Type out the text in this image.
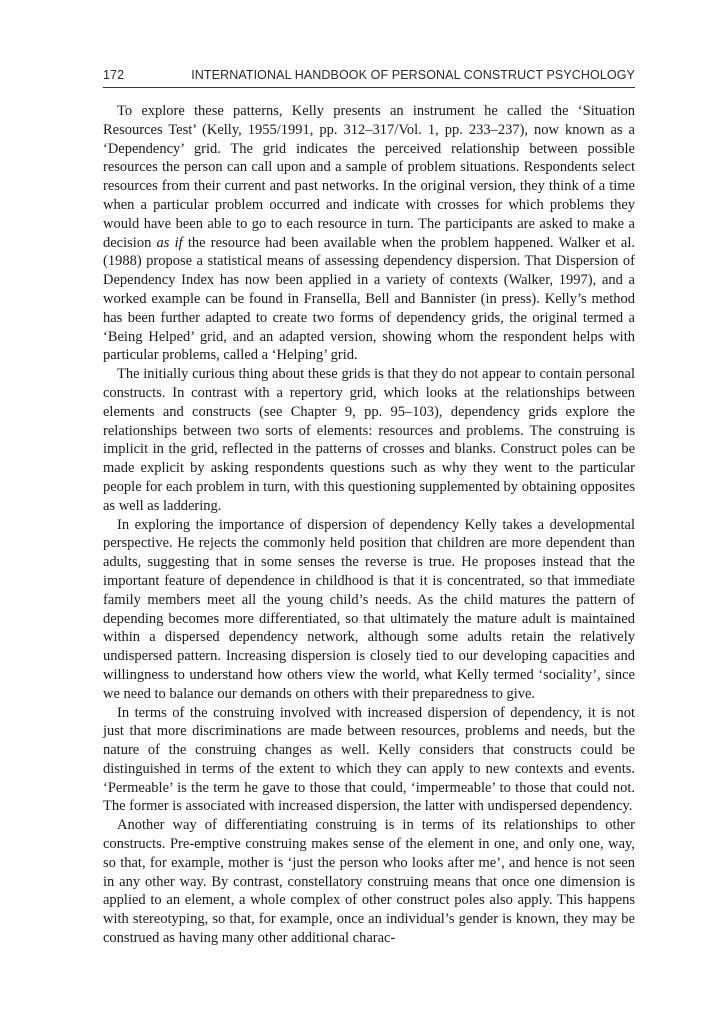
172	INTERNATIONAL HANDBOOK OF PERSONAL CONSTRUCT PSYCHOLOGY

To explore these patterns, Kelly presents an instrument he called the ‘Situation Resources Test’ (Kelly, 1955/1991, pp. 312–317/Vol. 1, pp. 233–237), now known as a ‘Dependency’ grid. The grid indicates the perceived relationship between possible resources the person can call upon and a sample of problem situations. Respondents select resources from their current and past networks. In the original version, they think of a time when a particular problem occurred and indicate with crosses for which problems they would have been able to go to each resource in turn. The participants are asked to make a decision as if the resource had been available when the problem happened. Walker et al. (1988) propose a statistical means of assessing dependency dispersion. That Dispersion of Dependency Index has now been applied in a variety of contexts (Walker, 1997), and a worked example can be found in Fransella, Bell and Bannister (in press). Kelly’s method has been further adapted to create two forms of dependency grids, the original termed a ‘Being Helped’ grid, and an adapted version, showing whom the respondent helps with particular problems, called a ‘Helping’ grid.

The initially curious thing about these grids is that they do not appear to contain personal constructs. In contrast with a repertory grid, which looks at the relationships between elements and constructs (see Chapter 9, pp. 95–103), dependency grids explore the relationships between two sorts of elements: resources and problems. The construing is implicit in the grid, reflected in the patterns of crosses and blanks. Construct poles can be made explicit by asking respondents questions such as why they went to the particular people for each problem in turn, with this questioning supplemented by obtaining opposites as well as laddering.

In exploring the importance of dispersion of dependency Kelly takes a developmental perspective. He rejects the commonly held position that children are more dependent than adults, suggesting that in some senses the reverse is true. He proposes instead that the important feature of dependence in childhood is that it is concentrated, so that immediate family members meet all the young child’s needs. As the child matures the pattern of depending becomes more differentiated, so that ultimately the mature adult is maintained within a dispersed dependency network, although some adults retain the relatively undispersed pattern. Increasing dispersion is closely tied to our developing capacities and willingness to understand how others view the world, what Kelly termed ‘sociality’, since we need to balance our demands on others with their preparedness to give.

In terms of the construing involved with increased dispersion of dependency, it is not just that more discriminations are made between resources, problems and needs, but the nature of the construing changes as well. Kelly considers that constructs could be distinguished in terms of the extent to which they can apply to new contexts and events. ‘Permeable’ is the term he gave to those that could, ‘impermeable’ to those that could not. The former is associated with increased dispersion, the latter with undispersed dependency.

Another way of differentiating construing is in terms of its relationships to other constructs. Pre-emptive construing makes sense of the element in one, and only one, way, so that, for example, mother is ‘just the person who looks after me’, and hence is not seen in any other way. By contrast, constellatory construing means that once one dimension is applied to an element, a whole complex of other construct poles also apply. This happens with stereotyping, so that, for example, once an individual’s gender is known, they may be construed as having many other additional charac-
